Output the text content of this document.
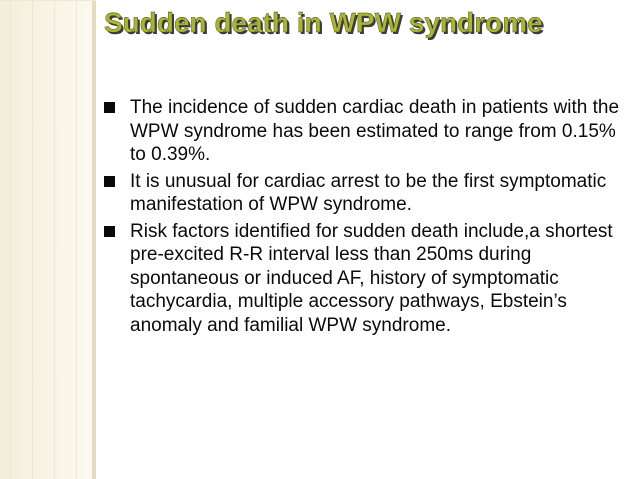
Sudden death in WPW syndrome
The incidence of sudden cardiac death in patients with the WPW syndrome has been estimated to range from 0.15% to 0.39%.
It is unusual for cardiac arrest to be the first symptomatic manifestation of WPW syndrome.
Risk factors identified for sudden death include,a shortest pre-excited R-R interval less than 250ms during spontaneous or induced AF, history of symptomatic tachycardia, multiple accessory pathways, Ebstein’s anomaly and familial WPW syndrome.
